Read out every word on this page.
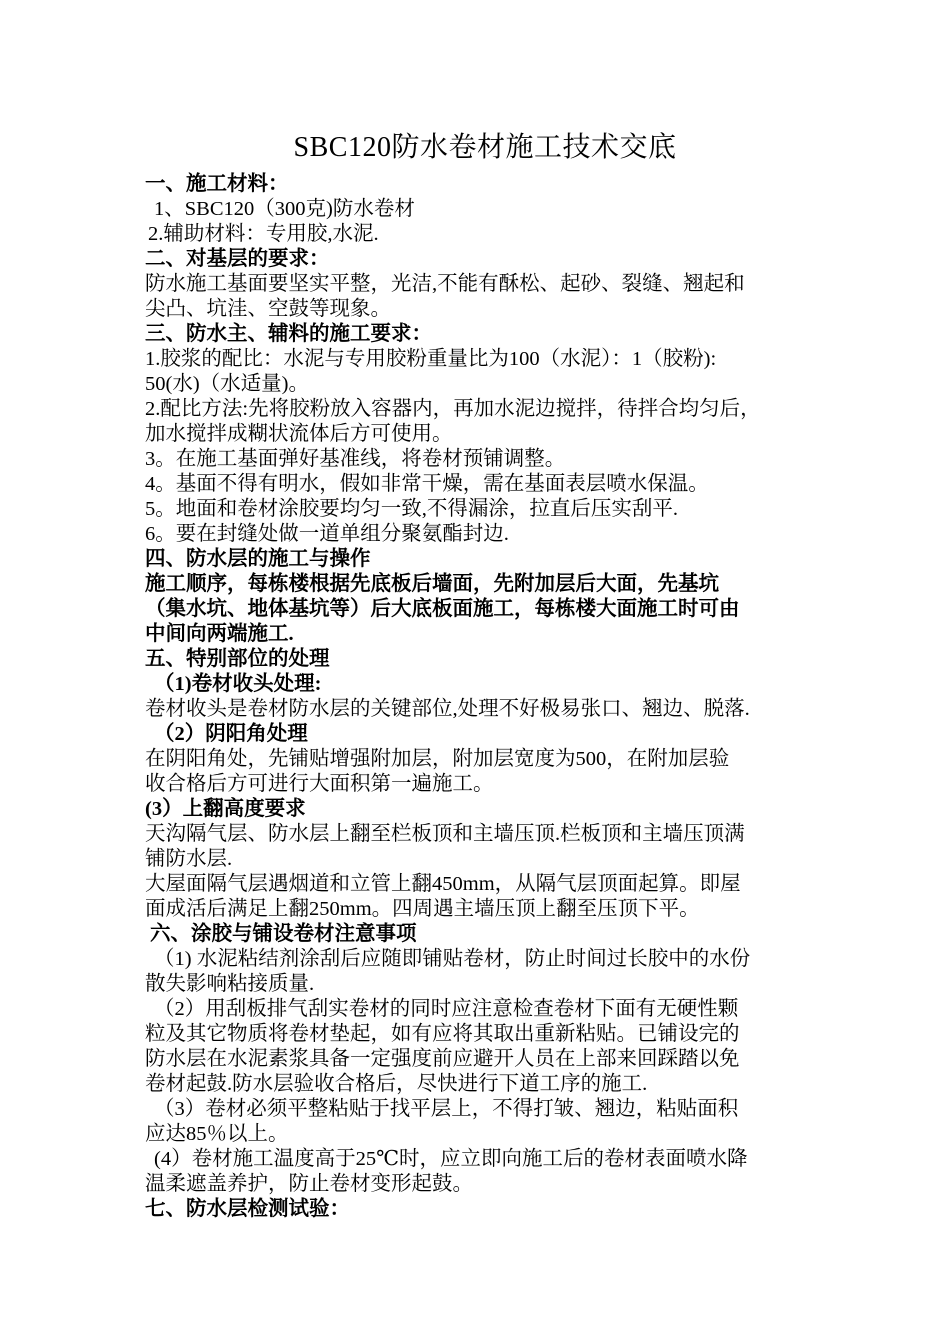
SBC120防水卷材施工技术交底

一、施工材料：

1、SBC120（300克)防水卷材

2.辅助材料：专用胶,水泥.

二、对基层的要求：

防水施工基面要坚实平整，光洁,不能有酥松、起砂、裂缝、翘起和

尖凸、坑洼、空鼓等现象。

三、防水主、辅料的施工要求：

1.胶浆的配比：水泥与专用胶粉重量比为100（水泥）：1（胶粉):

50(水)（水适量)。

2.配比方法:先将胶粉放入容器内，再加水泥边搅拌，待拌合均匀后，

加水搅拌成糊状流体后方可使用。

3。在施工基面弹好基准线，将卷材预铺调整。

4。基面不得有明水，假如非常干燥，需在基面表层喷水保温。

5。地面和卷材涂胶要均匀一致,不得漏涂，拉直后压实刮平.

6。要在封缝处做一道单组分聚氨酯封边.

四、防水层的施工与操作

施工顺序，每栋楼根据先底板后墙面，先附加层后大面，先基坑

（集水坑、地体基坑等）后大底板面施工，每栋楼大面施工时可由

中间向两端施工.

五、特别部位的处理

（1)卷材收头处理:

卷材收头是卷材防水层的关键部位,处理不好极易张口、翘边、脱落.

（2）阴阳角处理

在阴阳角处，先铺贴增强附加层，附加层宽度为500，在附加层验

收合格后方可进行大面积第一遍施工。

(3）上翻高度要求

天沟隔气层、防水层上翻至栏板顶和主墙压顶.栏板顶和主墙压顶满

铺防水层.

大屋面隔气层遇烟道和立管上翻450mm，从隔气层顶面起算。即屋

面成活后满足上翻250mm。四周遇主墙压顶上翻至压顶下平。

六、涂胶与铺设卷材注意事项

（1) 水泥粘结剂涂刮后应随即铺贴卷材，防止时间过长胶中的水份

散失影响粘接质量.

（2）用刮板排气刮实卷材的同时应注意检查卷材下面有无硬性颗

粒及其它物质将卷材垫起，如有应将其取出重新粘贴。已铺设完的

防水层在水泥素浆具备一定强度前应避开人员在上部来回踩踏以免

卷材起鼓.防水层验收合格后，尽快进行下道工序的施工.

（3）卷材必须平整粘贴于找平层上，不得打皱、翘边，粘贴面积

应达85％以上。

(4）卷材施工温度高于25℃时，应立即向施工后的卷材表面喷水降

温柔遮盖养护，防止卷材变形起鼓。

七、防水层检测试验：
